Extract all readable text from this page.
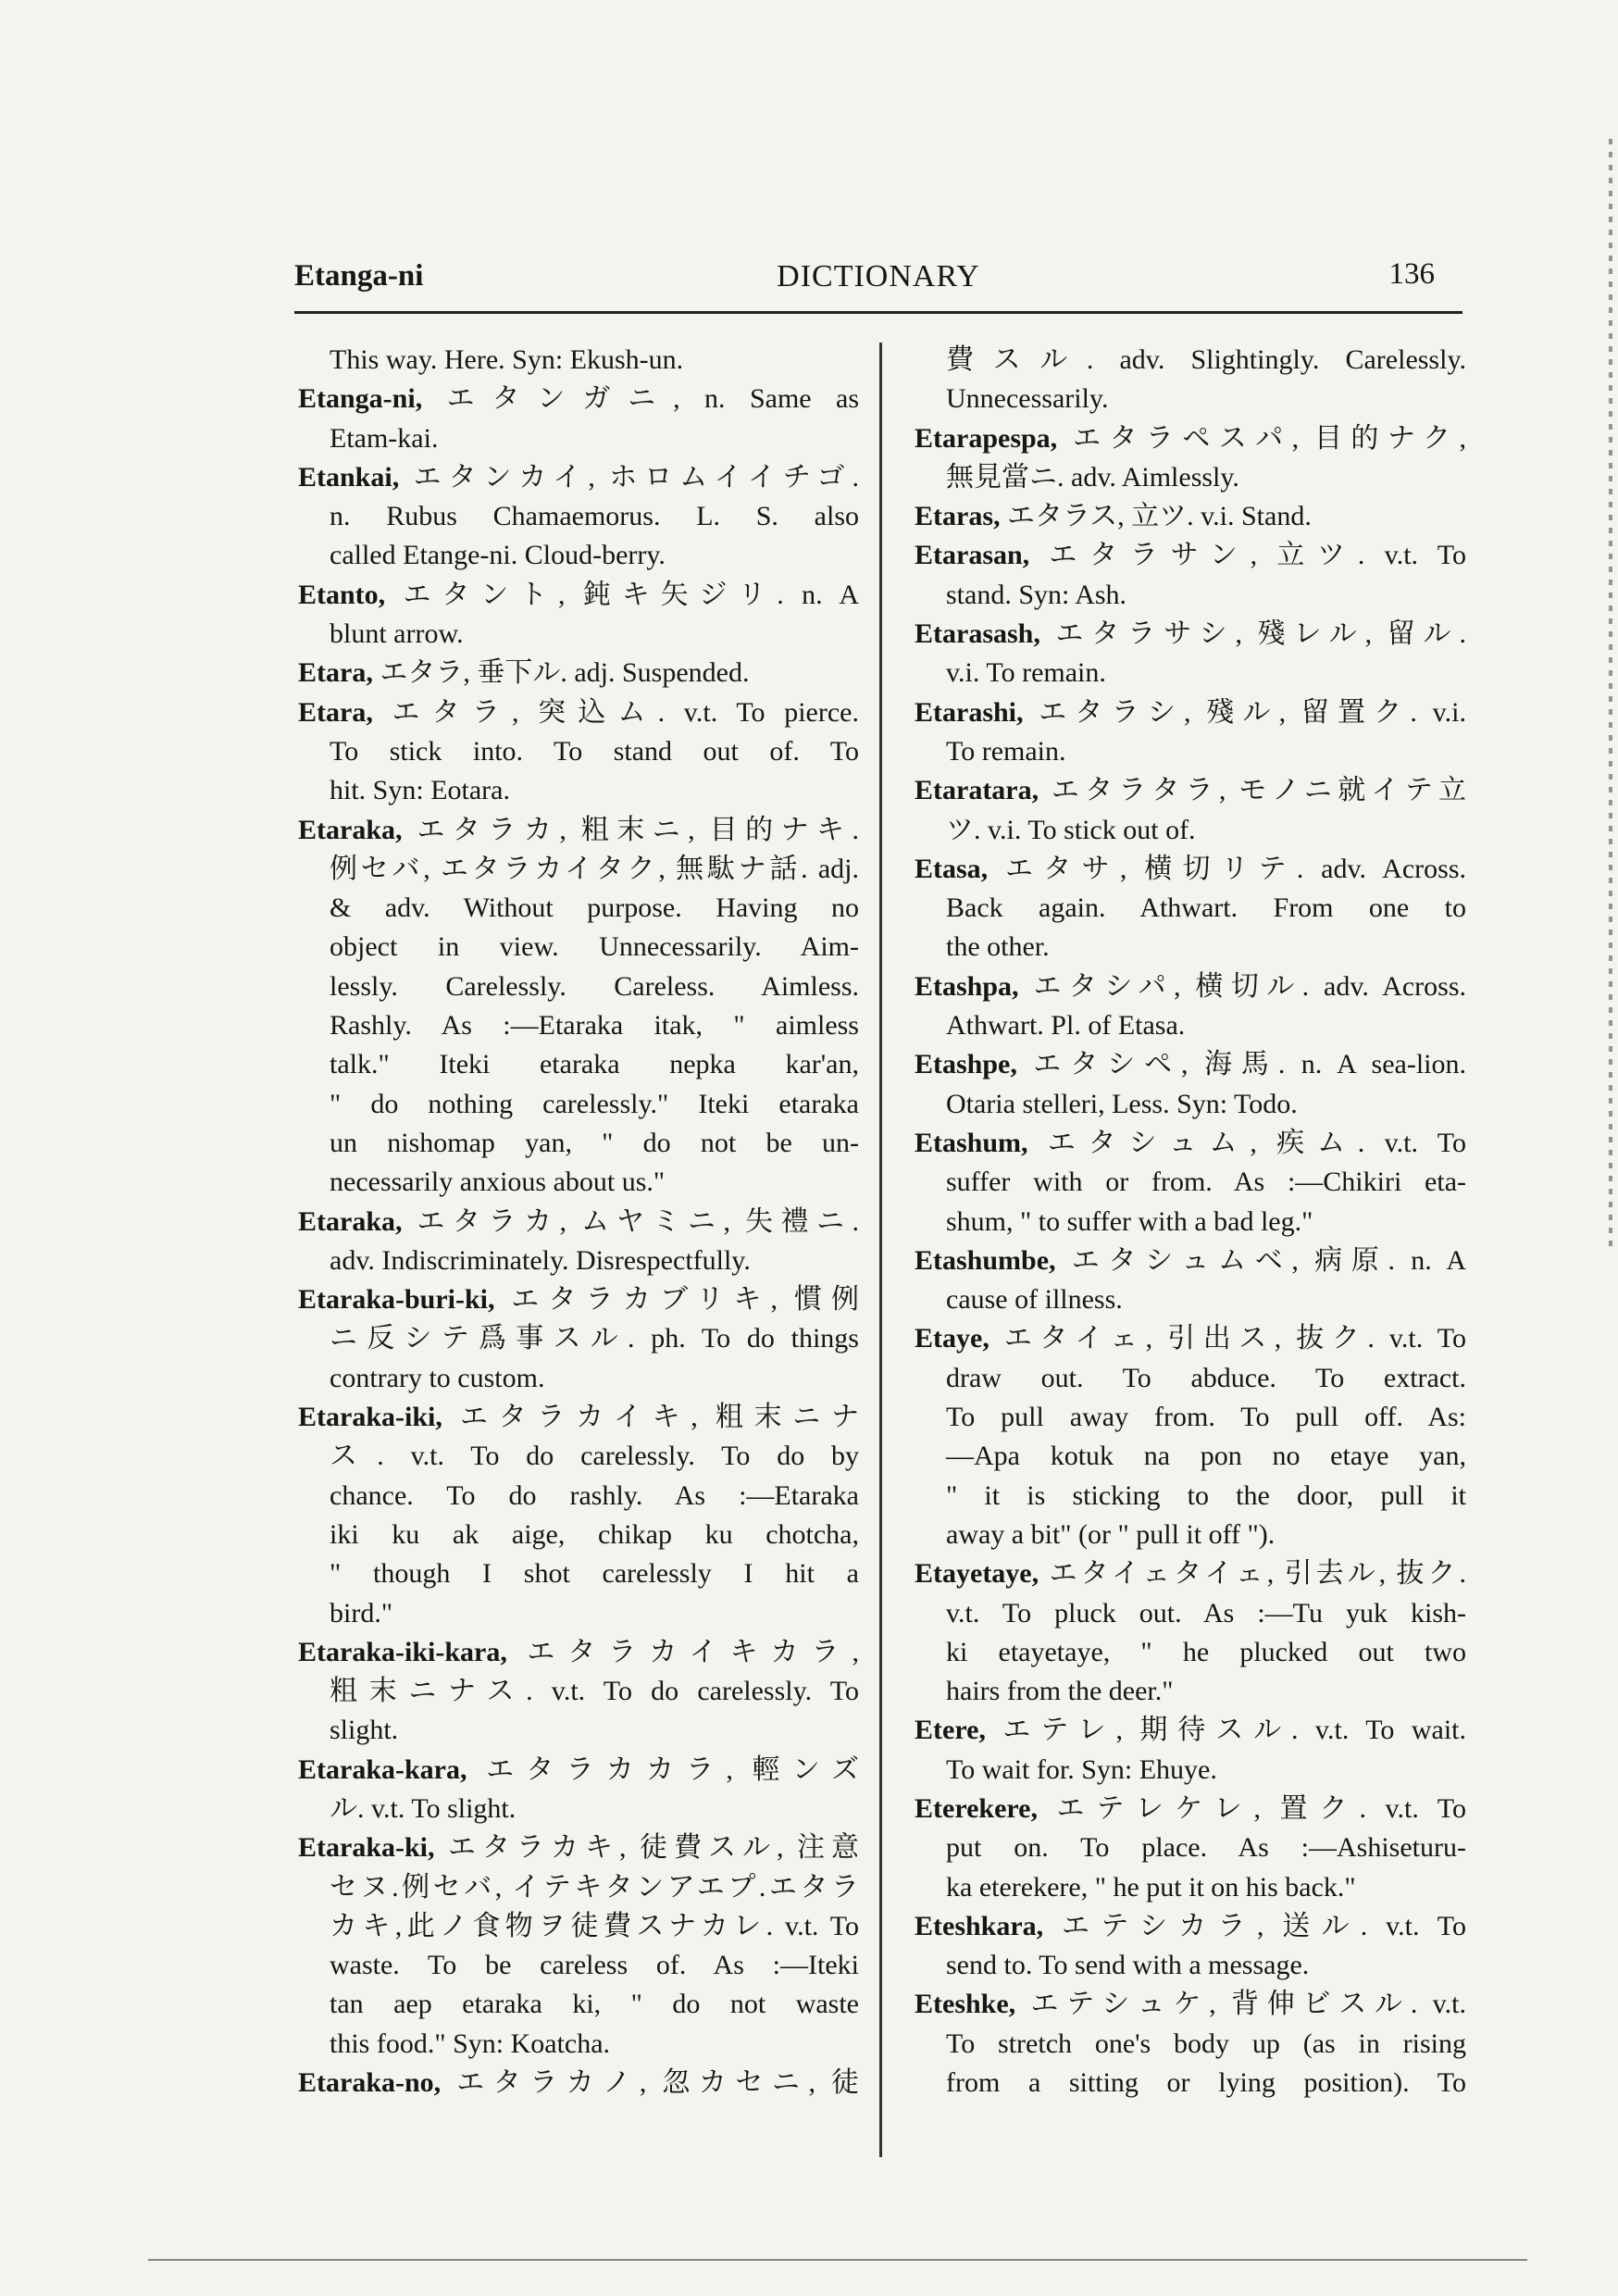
Etanga-ni	DICTIONARY	136
This way. Here. Syn: Ekush-un.
Etanga-ni, エタンガニ, n. Same as
Etam-kai.
Etankai, エタンカイ, ホロムイイチゴ.
n. Rubus Chamaemorus. L. S. also
called Etange-ni. Cloud-berry.
Etanto, エタント, 鈍キ矢ジリ. n. A
blunt arrow.
Etara, エタラ, 垂下ル. adj. Suspended.
Etara, エタラ, 突込ム. v.t. To pierce.
To stick into. To stand out of. To
hit. Syn: Eotara.
Etaraka, エタラカ, 粗末ニ, 目的ナキ.
例セバ, エタラカイタク, 無駄ナ話. adj.
& adv. Without purpose. Having no
object in view. Unnecessarily. Aim-
lessly. Carelessly. Careless. Aimless.
Rashly. As :—Etaraka itak, " aimless
talk." Iteki etaraka nepka kar'an,
" do nothing carelessly." Iteki etaraka
un nishomap yan, " do not be un-
necessarily anxious about us."
Etaraka, エタラカ, ムヤミニ, 失禮ニ.
adv. Indiscriminately. Disrespectfully.
Etaraka-buri-ki, エタラカブリキ, 慣例
ニ反シテ爲事スル. ph. To do things
contrary to custom.
Etaraka-iki, エタラカイキ, 粗末ニナ
ス. v.t. To do carelessly. To do by
chance. To do rashly. As :—Etaraka
iki ku ak aige, chikap ku chotcha,
" though I shot carelessly I hit a
bird."
Etaraka-iki-kara, エタラカイキカラ,
粗末ニナス. v.t. To do carelessly. To
slight.
Etaraka-kara, エタラカカラ, 輕ンズ
ル. v.t. To slight.
Etaraka-ki, エタラカキ, 徒費スル, 注意
セヌ.例セバ, イテキタンアエプ.エタラ
カキ,此ノ食物ヲ徒費スナカレ. v.t. To
waste. To be careless of. As :—Iteki
tan aep etaraka ki, " do not waste
this food." Syn: Koatcha.
Etaraka-no, エタラカノ, 忽カセニ, 徒
費スル. adv. Slightingly. Carelessly.
Unnecessarily.
Etarapespa, エタラペスパ, 目的ナク,
無見當ニ. adv. Aimlessly.
Etaras, エタラス, 立ツ. v.i. Stand.
Etarasan, エタラサン, 立ツ. v.t. To
stand. Syn: Ash.
Etarasash, エタラサシ, 殘レル, 留ル.
v.i. To remain.
Etarashi, エタラシ, 殘ル, 留置ク. v.i.
To remain.
Etaratara, エタラタラ, モノニ就イテ立
ツ. v.i. To stick out of.
Etasa, エタサ, 横切リテ. adv. Across.
Back again. Athwart. From one to
the other.
Etashpa, エタシパ, 横切ル. adv. Across.
Athwart. Pl. of Etasa.
Etashpe, エタシペ, 海馬. n. A sea-lion.
Otaria stelleri, Less. Syn: Todo.
Etashum, エタシュム, 疾ム. v.t. To
suffer with or from. As :—Chikiri eta-
shum, " to suffer with a bad leg."
Etashumbe, エタシュムベ, 病原. n. A
cause of illness.
Etaye, エタイェ, 引出ス, 抜ク. v.t. To
draw out. To abduce. To extract.
To pull away from. To pull off. As:
—Apa kotuk na pon no etaye yan,
" it is sticking to the door, pull it
away a bit" (or " pull it off ").
Etayetaye, エタイェタイェ, 引去ル, 抜ク.
v.t. To pluck out. As :—Tu yuk kish-
ki etayetaye, " he plucked out two
hairs from the deer."
Etere, エテレ, 期待スル. v.t. To wait.
To wait for. Syn: Ehuye.
Eterekere, エテレケレ, 置ク. v.t. To
put on. To place. As :—Ashiseturu-
ka eterekere, " he put it on his back."
Eteshkara, エテシカラ, 送ル. v.t. To
send to. To send with a message.
Eteshke, エテシュケ, 背伸ビスル. v.t.
To stretch one's body up (as in rising
from a sitting or lying position). To
